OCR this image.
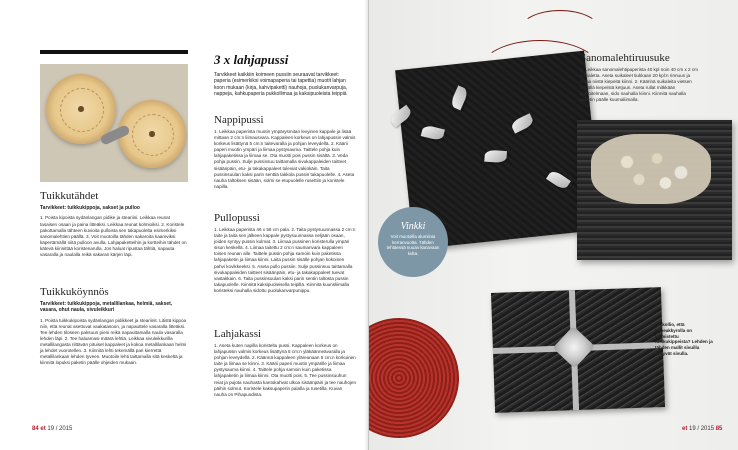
Tuikkutähdet
Tarvikkeet: tuikkukippoja, sakset ja pulloo
1. Poista kipoista sydänlangan pidike ja steariini. Leikkaa reunat tasaisen osaan ja paina litteäksi. Leikkaa reunat kolmioiksi. 2. Koristele pakottamalla tähteen kuvioita pulloista sen takapuolelta esimerkiksi sanomalehtien päällä. 3. Voit muotoilla tähden sakaroita kaareviksi käpertämällä niitä pulloon avulla. Lahjapaketteihin ja kortteihin tähdet on kätevä kiinnittää koristenarulla. Jos haluat ripustaa tähtiä, napauta vasaralla ja naulalla reikä sakaran kärjen läpi.
Tuikkuköynnös
Tarvikkeet: tuikkukippoja, metallilankaa, helmiä, sakset, vasara, ohut naula, sivuleikkuri
1. Poista tuikkukipoista sydänlangan pidikkeet ja steariinit. Litistä kippoa niin, että reunat asettuvat vaakatasoon, ja napauttele vasaralla litteäksi. Tee lehden tiloseen paksuun pieni reikä napauttamalla naula vasaralla lehden läpi. 2. Tee haluamasi määrä lehtiä. Leikkaa sivuleikkurilla metallilangasta riittävän pituiset kappaleet ja kokoa metallilankaan helmi ja lehdet vuorotellen. 3. Kiinnitä lehti tekemällä pari kierrettä metallilankaan lehden tyveen. Muotoile lehti taittamalla sitä keskeltä ja kiinnitä lopuksi paketin päälle ohjeiden mukaan.
3 x lahjapussi
Tarvikkeet kaikkiin koimeen pussiin seuraavat tarvikkeet: paperia (esimerkiksi voimapaperia tai tapettia) muotit lahjan koon mukaan (kirja, kahvipaketti) nauhoja, puolukanvarpuja, nappeja, kahkupaperia pukkollimaa ja kaksipuoleista teippiä
Nappipussi
1. Leikkaa paperista muotin ympärysmitan levyinen kappale ja lisää mittaan 2 cm:n liimausvara. Kappaleen korkeus on lahjapussin valmis korkeus lisättynä 5 cm:n taitevaralla ja pohjan leveydellä. 2. Käärii paperi muotin ympäri ja liimaa pystysauma. Taittele pohja kuin lahjapaketissa ja liimaa se. Ota muotti pois pussin sisältä. 3. Veda pohja pussin. Sulje pussinsuu taittamalla sivukappaleiden taitteet sisäänpäin, etu- ja takakappaleet tuleviat vakiokäin. Taita pussinsuulan kaksi parin senttiä takkola pussin takapuolelle. 4. Aseta nauha taltoksen sisään, solmi se etupuolelle rusettiin ja koristele napilla.
Pullopussi
1. Leikkaa paperista 46 x 58 cm pala. 2. Taita pystysuunnassa 2 cm:n taite ja taita sen jälkeen kappale pystysuunnassa neljään osaan, joiden syntyy pussin kulmat. 3. Liimaa pussinen koristerulla ympäri sisun keskellä. 4. Liimaa taitettu 2 cm:n saumanvara kappaleen toisen reunan alle. Taittele pussin pohja samoin kuin paketissa lahjapaketin ja liimaa kiinni. Laita pussin sisälle pohjan kokoinen pahvi kovikkeeksi. 5. Aseta pullo pussiin. Sulje pussinsuu taittamalla sivukappaleiden taitteet sisäänpäin, etu- ja takakappaleet tuevat vastakkain. 6. Taita pussinsuulan kaksi parin sentin taltosta pussin takapuolelle. Kiinnitä kaksipuoleisella teipillä. Kiinnitä kuunsliimalla koristeksi nauhalla sidottu puolukanvarpunippu.
Lahjakassi
1. Aseta kuten napilla koristeltu pussi. Kappaleen korkeus on lahjapussin valmis korkeus lisättynä 5 cm:n yläkäänneävaralla ja pohjan leveydellä. 2. Käännä kappaleen yläreunaan 5 cm:n korkuinen taite ja liimaa se kiinni. 3. Käärii paperi muotin ympärille ja liimaa pystysauma kiinni. 4. Taittele pohja samoin kuin paketissa lahjapaketin ja liimaa kiinni. Ota muotti pois. 5. Tee pussinsuuhun reiat ja pujota nauhasta kantokahvat ulkoa sisäänpäin ja tee nauhojen päihin solmut. Koristele kaksupaperin palalla ja rusetilla. Kuvan nauha on Pihapuodista.
84 et 19 / 2015
Vinkki
Voit muotoilla alumiinia kerranvuotta. Tähden tehtäessä nuuan kanavaan kulta.
Sanomalehtiruusuke
1. Leikkaa sanomalehtipaperista 40 kpl noin 40 cm x 2 cm suikaletta. Aseta suikaleet tiukkaan 20 kpl:n rinnuun ja rullaa niistä kiepeitä kiinni. 2. Käärinä suikaleita vietsen tervällä kiepeistä ketjuun. Aseta rullat mitkkään puikoitelmaan, sido nauhalla kiinni. Kiinnitä nauhalla paketin päälle kuumaliimalla.
Unikollio, että hopeakkyrolla on valmistettu tuikkukippeista? Lehden ja tähden mallit sivuilla näkyvät sivulla.
et 19 / 2015 85
